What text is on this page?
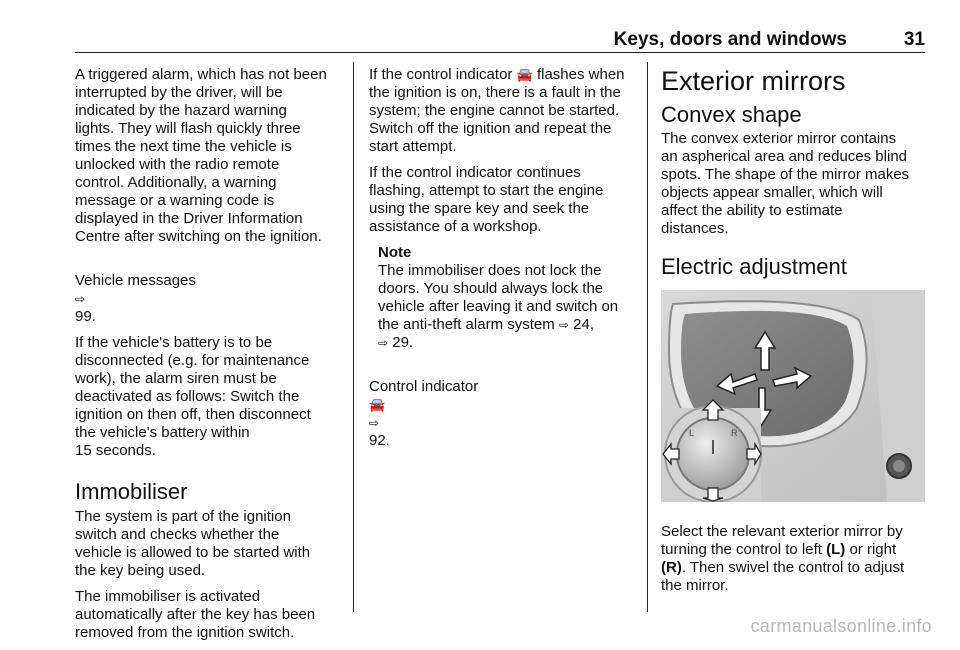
Keys, doors and windows	31

A triggered alarm, which has not been
interrupted by the driver, will be
indicated by the hazard warning
lights. They will flash quickly three
times the next time the vehicle is
unlocked with the radio remote
control. Additionally, a warning
message or a warning code is
displayed in the Driver Information
Centre after switching on the ignition.

Vehicle messages
⇨
99.

If the vehicle's battery is to be
disconnected (e.g. for maintenance
work), the alarm siren must be
deactivated as follows: Switch the
ignition on then off, then disconnect
the vehicle's battery within
15 seconds.

Immobiliser

The system is part of the ignition
switch and checks whether the
vehicle is allowed to be started with
the key being used.

The immobiliser is activated
automatically after the key has been
removed from the ignition switch.

If the control indicator 🚘 flashes when
the ignition is on, there is a fault in the
system; the engine cannot be started.
Switch off the ignition and repeat the
start attempt.

If the control indicator continues
flashing, attempt to start the engine
using the spare key and seek the
assistance of a workshop.

Note
The immobiliser does not lock the
doors. You should always lock the
vehicle after leaving it and switch on
the anti-theft alarm system ⇨ 24,
⇨ 29.

Control indicator
🚘
⇨
92.

Exterior mirrors
Convex shape

The convex exterior mirror contains
an aspherical area and reduces blind
spots. The shape of the mirror makes
objects appear smaller, which will
affect the ability to estimate
distances.

Electric adjustment
L	R

Select the relevant exterior mirror by
turning the control to left (L) or right
(R). Then swivel the control to adjust
the mirror.

carmanualsonline.info
